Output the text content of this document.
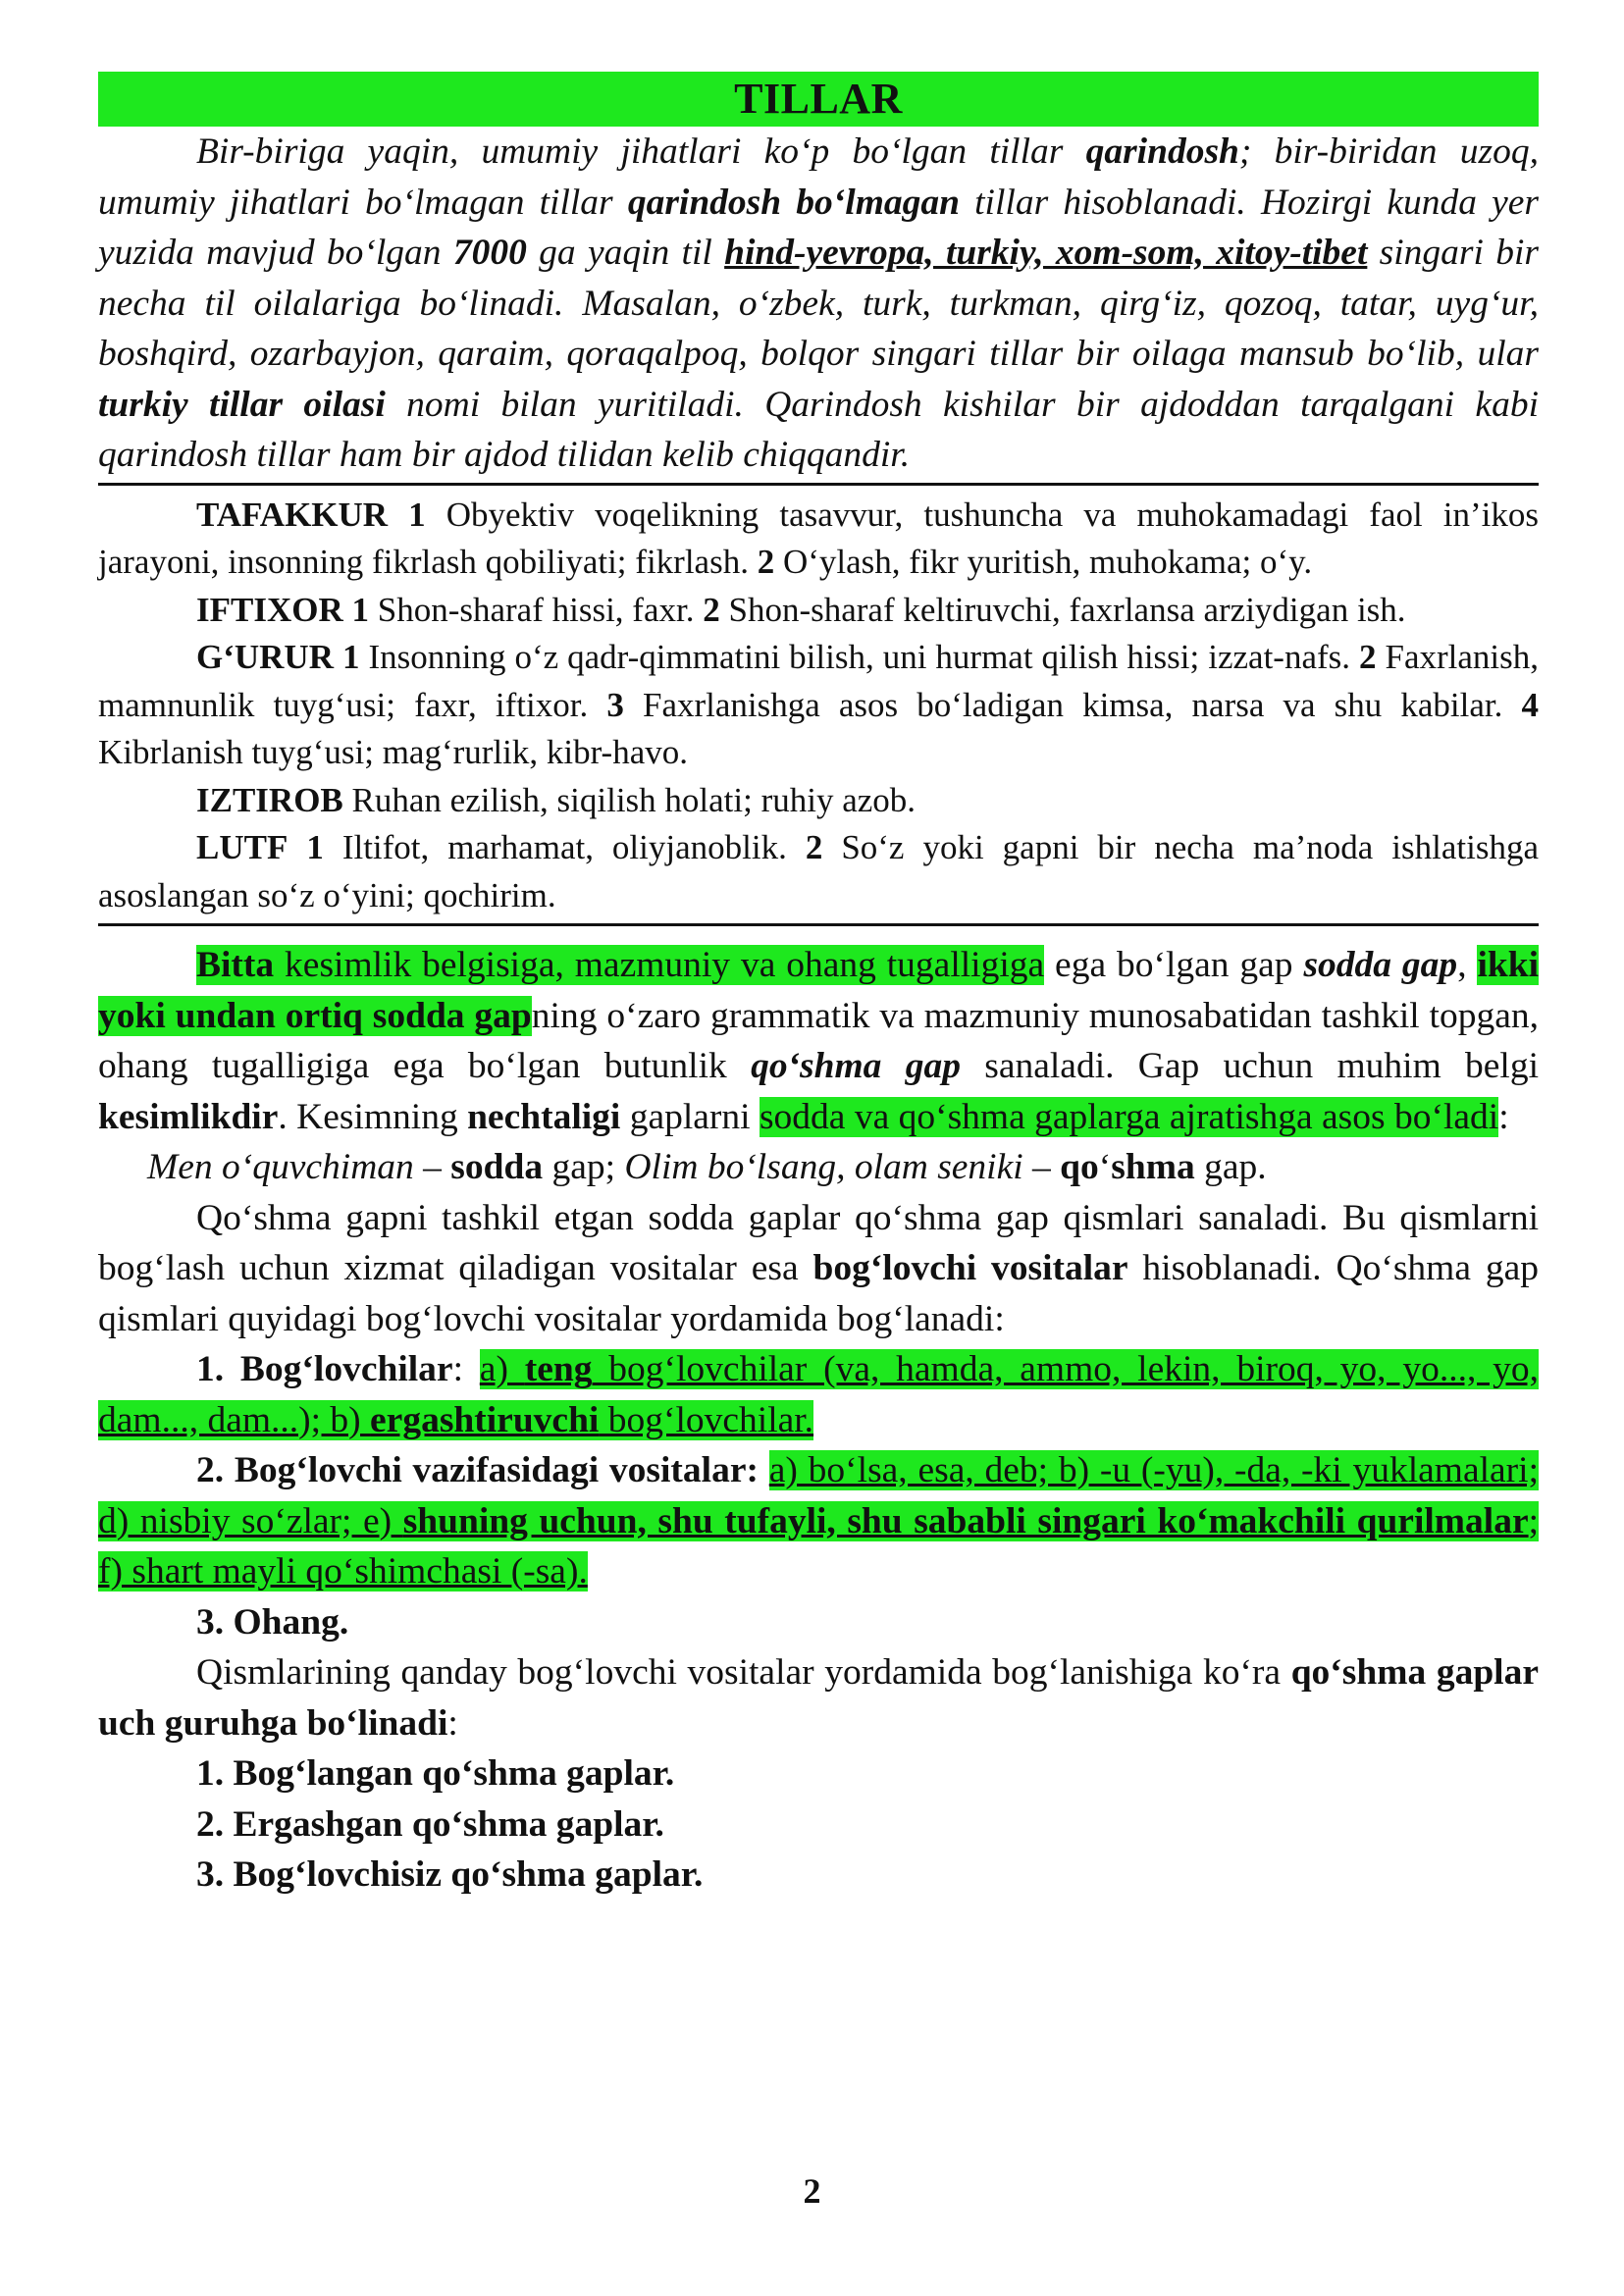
TILLAR

Bir-biriga yaqin, umumiy jihatlari ko‘p bo‘lgan tillar qarindosh; bir-biridan uzoq, umumiy jihatlari bo‘lmagan tillar qarindosh bo‘lmagan tillar hisoblanadi. Hozirgi kunda yer yuzida mavjud bo‘lgan 7000 ga yaqin til hind-yevropa, turkiy, xom-som, xitoy-tibet singari bir necha til oilalariga bo‘linadi. Masalan, o‘zbek, turk, turkman, qirg‘iz, qozoq, tatar, uyg‘ur, boshqird, ozarbayjon, qaraim, qoraqalpoq, bolqor singari tillar bir oilaga mansub bo‘lib, ular turkiy tillar oilasi nomi bilan yuritiladi. Qarindosh kishilar bir ajdoddan tarqalgani kabi qarindosh tillar ham bir ajdod tilidan kelib chiqqandir.

TAFAKKUR 1 Obyektiv voqelikning tasavvur, tushuncha va muhokamadagi faol in’ikos jarayoni, insonning fikrlash qobiliyati; fikrlash. 2 O‘ylash, fikr yuritish, muhokama; o‘y.

IFTIXOR 1 Shon-sharaf hissi, faxr. 2 Shon-sharaf keltiruvchi, faxrlansa arziydigan ish.

G‘URUR 1 Insonning o‘z qadr-qimmatini bilish, uni hurmat qilish hissi; izzat-nafs. 2 Faxrlanish, mamnunlik tuyg‘usi; faxr, iftixor. 3 Faxrlanishga asos bo‘ladigan kimsa, narsa va shu kabilar. 4 Kibrlanish tuyg‘usi; mag‘rurlik, kibr-havo.

IZTIROB Ruhan ezilish, siqilish holati; ruhiy azob.

LUTF 1 Iltifot, marhamat, oliyjanoblik. 2 So‘z yoki gapni bir necha ma’noda ishlatishga asoslangan so‘z o‘yini; qochirim.

Bitta kesimlik belgisiga, mazmuniy va ohang tugalligiga ega bo‘lgan gap sodda gap, ikki yoki undan ortiq sodda gapning o‘zaro grammatik va mazmuniy munosabatidan tashkil topgan, ohang tugalligiga ega bo‘lgan butunlik qo‘shma gap sanaladi. Gap uchun muhim belgi kesimlikdir. Kesimning nechtaligi gaplarni sodda va qo‘shma gaplarga ajratishga asos bo‘ladi:

Men o‘quvchiman – sodda gap; Olim bo‘lsang, olam seniki – qo‘shma gap.

Qo‘shma gapni tashkil etgan sodda gaplar qo‘shma gap qismlari sanaladi. Bu qismlarni bog‘lash uchun xizmat qiladigan vositalar esa bog‘lovchi vositalar hisoblanadi. Qo‘shma gap qismlari quyidagi bog‘lovchi vositalar yordamida bog‘lanadi:

1. Bog‘lovchilar: a) teng bog‘lovchilar (va, hamda, ammo, lekin, biroq, yo, yo..., yo, dam..., dam...); b) ergashtiruvchi bog‘lovchilar.

2. Bog‘lovchi vazifasidagi vositalar: a) bo‘lsa, esa, deb; b) -u (-yu), -da, -ki yuklamalari; d) nisbiy so‘zlar; e) shuning uchun, shu tufayli, shu sababli singari ko‘makchili qurilmalar; f) shart mayli qo‘shimchasi (-sa).

3. Ohang.

Qismlarining qanday bog‘lovchi vositalar yordamida bog‘lanishiga ko‘ra qo‘shma gaplar uch guruhga bo‘linadi:

1. Bog‘langan qo‘shma gaplar.

2. Ergashgan qo‘shma gaplar.

3. Bog‘lovchisiz qo‘shma gaplar.

2
